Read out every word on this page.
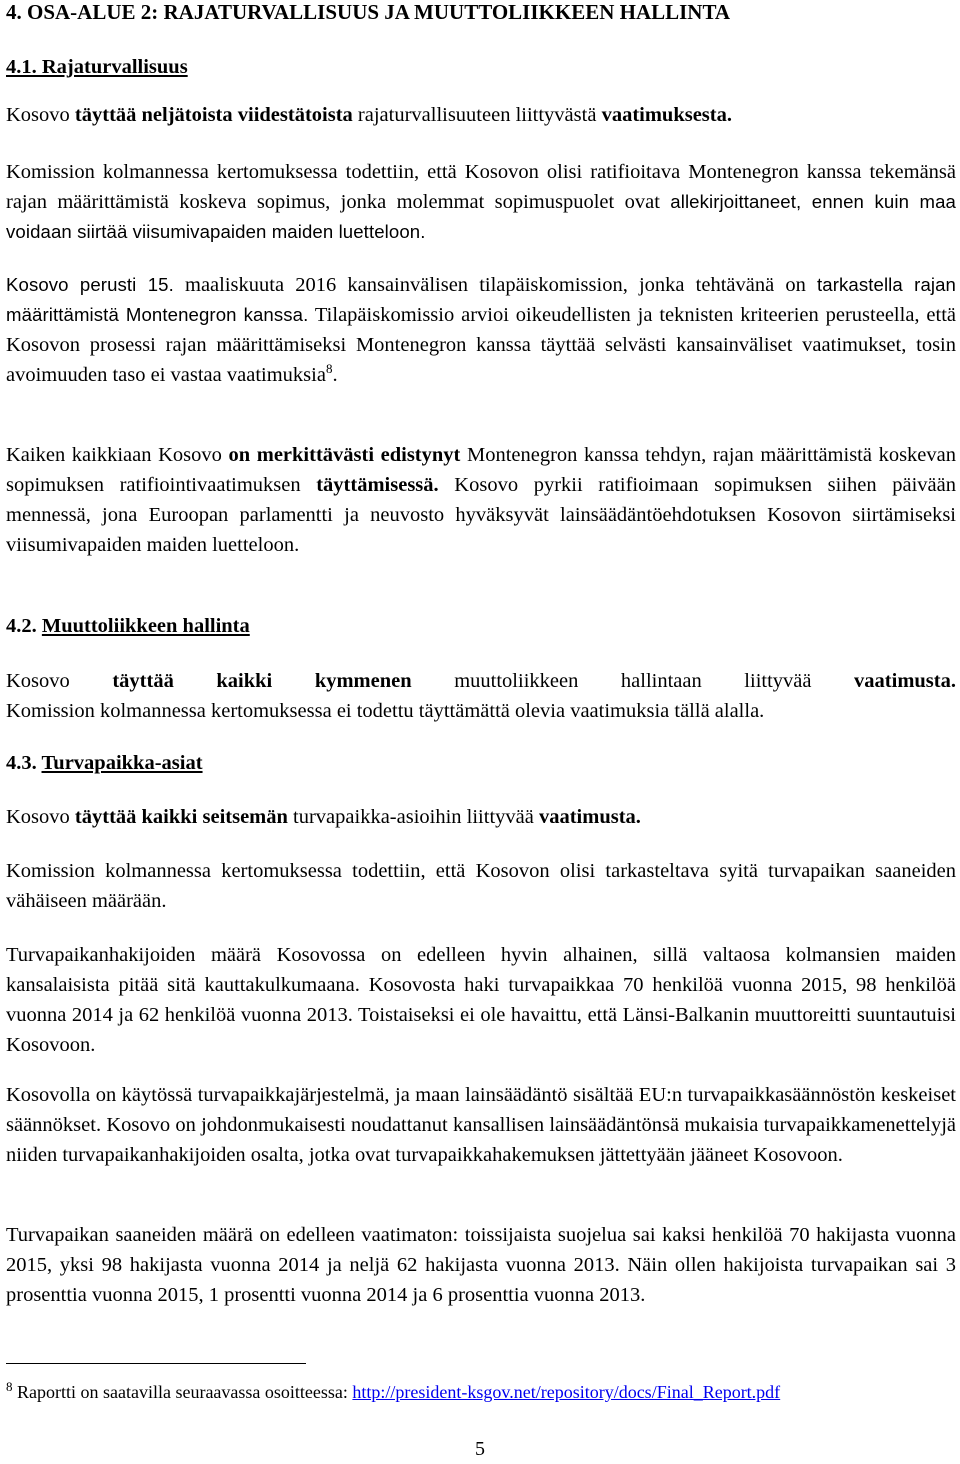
4. OSA-ALUE 2: RAJATURVALLISUUS JA MUUTTOLIIKKEEN HALLINTA

4.1. Rajaturvallisuus

Kosovo täyttää neljätoista viidestätoista rajaturvallisuuteen liittyvästä vaatimuksesta.

Komission kolmannessa kertomuksessa todettiin, että Kosovon olisi ratifioitava Montenegron kanssa tekemänsä rajan määrittämistä koskeva sopimus, jonka molemmat sopimuspuolet ovat allekirjoittaneet, ennen kuin maa voidaan siirtää viisumivapaiden maiden luetteloon.

Kosovo perusti 15. maaliskuuta 2016 kansainvälisen tilapäiskomission, jonka tehtävänä on tarkastella rajan määrittämistä Montenegron kanssa. Tilapäiskomissio arvioi oikeudellisten ja teknisten kriteerien perusteella, että Kosovon prosessi rajan määrittämiseksi Montenegron kanssa täyttää selvästi kansainväliset vaatimukset, tosin avoimuuden taso ei vastaa vaatimuksia$^8$.

Kaiken kaikkiaan Kosovo on merkittävästi edistynyt Montenegron kanssa tehdyn, rajan määrittämistä koskevan sopimuksen ratifiointivaatimuksen täyttämisessä. Kosovo pyrkii ratifioimaan sopimuksen siihen päivään mennessä, jona Euroopan parlamentti ja neuvosto hyväksyvät lainsäädäntöehdotuksen Kosovon siirtämiseksi viisumivapaiden maiden luetteloon.

4.2. Muuttoliikkeen hallinta

Kosovo täyttää kaikki kymmenen muuttoliikkeen hallintaan liittyvää vaatimusta.

Komission kolmannessa kertomuksessa ei todettu täyttämättä olevia vaatimuksia tällä alalla.

4.3. Turvapaikka-asiat

Kosovo täyttää kaikki seitsemän turvapaikka-asioihin liittyvää vaatimusta.

Komission kolmannessa kertomuksessa todettiin, että Kosovon olisi tarkasteltava syitä turvapaikan saaneiden vähäiseen määrään.

Turvapaikanhakijoiden määrä Kosovossa on edelleen hyvin alhainen, sillä valtaosa kolmansien maiden kansalaisista pitää sitä kauttakulkumaana. Kosovosta haki turvapaikkaa 70 henkilöä vuonna 2015, 98 henkilöä vuonna 2014 ja 62 henkilöä vuonna 2013. Toistaiseksi ei ole havaittu, että Länsi-Balkanin muuttoreitti suuntautuisi Kosovoon.

Kosovolla on käytössä turvapaikkajärjestelmä, ja maan lainsäädäntö sisältää EU:n turvapaikkasäännöstön keskeiset säännökset. Kosovo on johdonmukaisesti noudattanut kansallisen lainsäädäntönsä mukaisia turvapaikkamenettelyjä niiden turvapaikanhakijoiden osalta, jotka ovat turvapaikkahakemuksen jättettyään jääneet Kosovoon.

Turvapaikan saaneiden määrä on edelleen vaatimaton: toissijaista suojelua sai kaksi henkilöä 70 hakijasta vuonna 2015, yksi 98 hakijasta vuonna 2014 ja neljä 62 hakijasta vuonna 2013. Näin ollen hakijoista turvapaikan sai 3 prosenttia vuonna 2015, 1 prosentti vuonna 2014 ja 6 prosenttia vuonna 2013.

$^8$ Raportti on saatavilla seuraavassa osoitteessa: http://president-ksgov.net/repository/docs/Final_Report.pdf

5
